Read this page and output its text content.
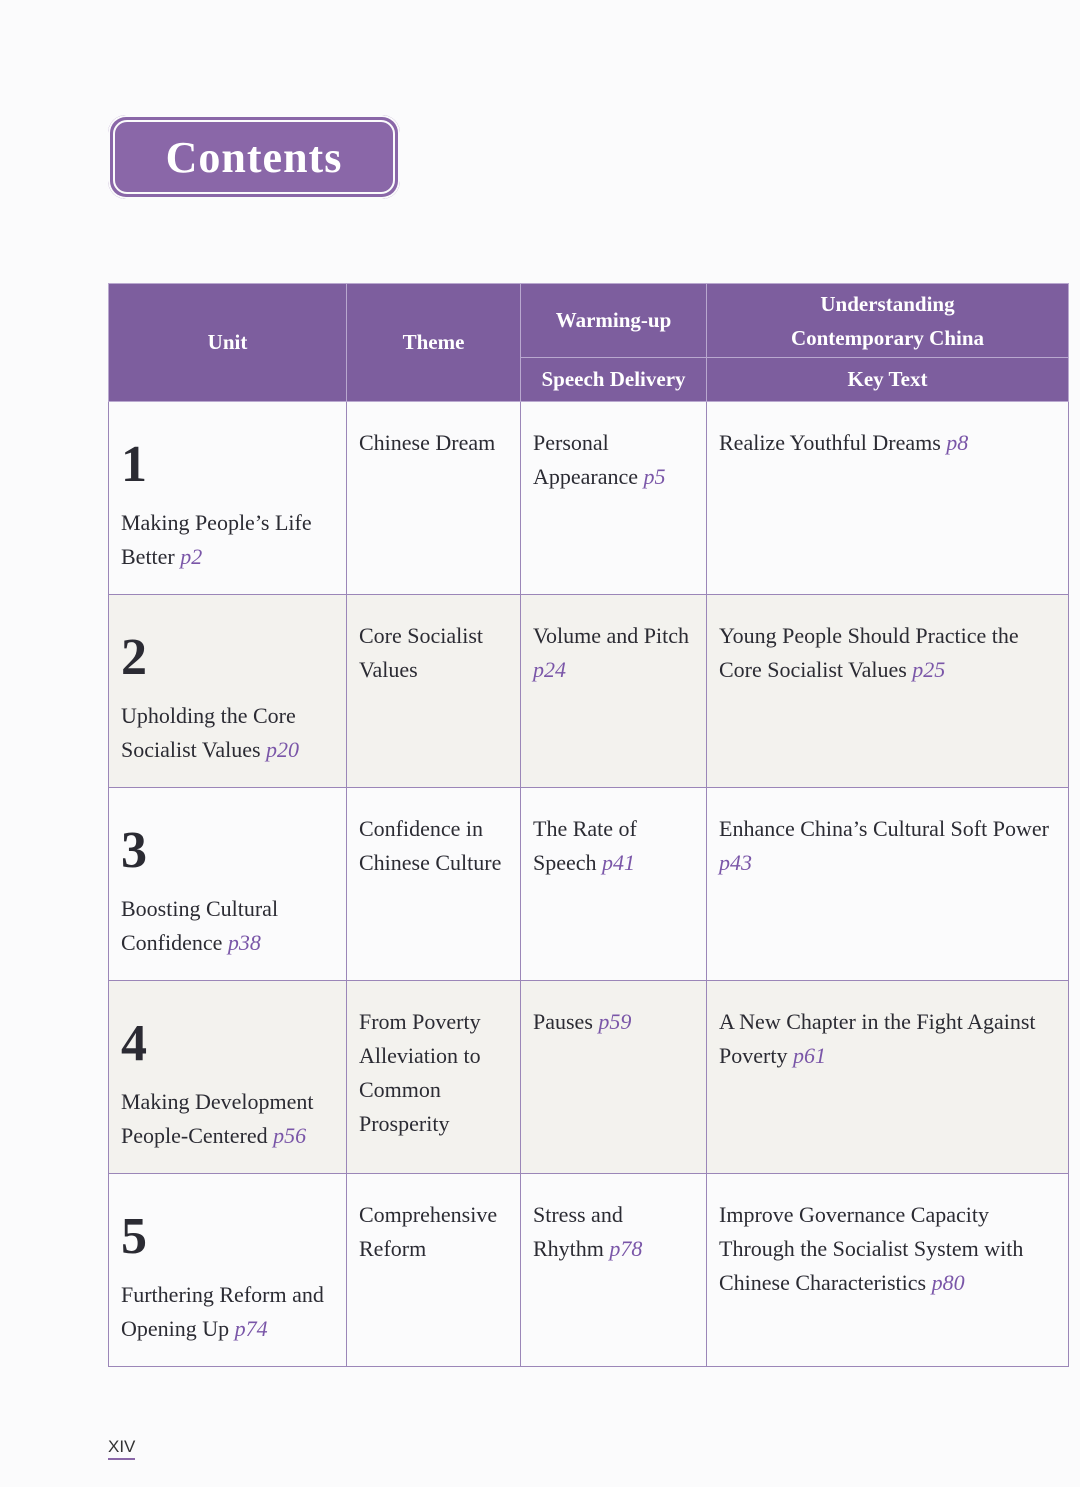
Contents
Unit	Theme	Warming-up	Understanding
Contemporary China

		Speech Delivery	Key Text

1
Making People’s Life Better p2	Chinese Dream	Personal Appearance p5	Realize Youthful Dreams p8

2
Upholding the Core Socialist Values p20	Core Socialist Values	Volume and Pitch p24	Young People Should Practice the Core Socialist Values p25

3
Boosting Cultural Confidence p38	Confidence in Chinese Culture	The Rate of Speech p41	Enhance China’s Cultural Soft Power p43

4
Making Development People-Centered p56	From Poverty Alleviation to Common Prosperity	Pauses p59	A New Chapter in the Fight Against Poverty p61

5
Furthering Reform and Opening Up p74	Comprehensive Reform	Stress and Rhythm p78	Improve Governance Capacity Through the Socialist System with Chinese Characteristics p80
XIV
